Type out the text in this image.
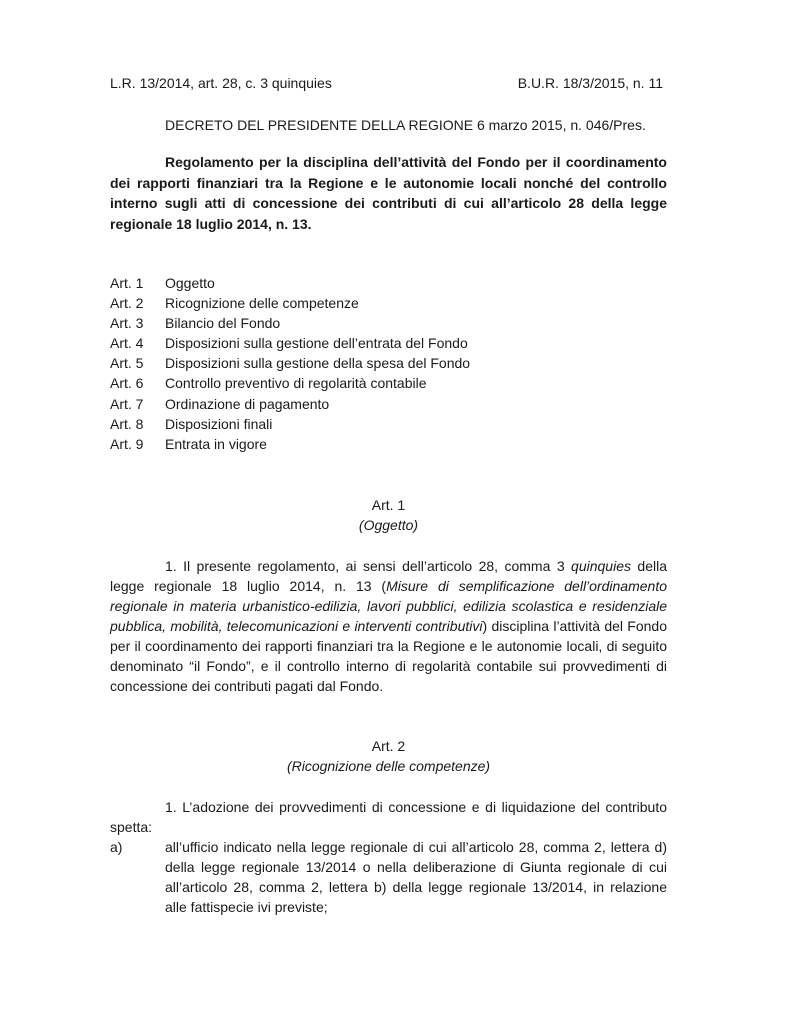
L.R. 13/2014, art. 28, c. 3 quinquies	B.U.R. 18/3/2015, n. 11
DECRETO DEL PRESIDENTE DELLA REGIONE 6 marzo 2015, n. 046/Pres.
Regolamento per la disciplina dell’attività del Fondo per il coordinamento dei rapporti finanziari tra la Regione e le autonomie locali nonché del controllo interno sugli atti di concessione dei contributi di cui all’articolo 28 della legge regionale 18 luglio 2014, n. 13.
Art. 1	Oggetto
Art. 2	Ricognizione delle competenze
Art. 3	Bilancio del Fondo
Art. 4	Disposizioni sulla gestione dell’entrata del Fondo
Art. 5	Disposizioni sulla gestione della spesa del Fondo
Art. 6	Controllo preventivo di regolarità contabile
Art. 7	Ordinazione di pagamento
Art. 8	Disposizioni finali
Art. 9	Entrata in vigore
Art. 1
(Oggetto)

1. Il presente regolamento, ai sensi dell’articolo 28, comma 3 quinquies della legge regionale 18 luglio 2014, n. 13 (Misure di semplificazione dell’ordinamento regionale in materia urbanistico-edilizia, lavori pubblici, edilizia scolastica e residenziale pubblica, mobilità, telecomunicazioni e interventi contributivi) disciplina l’attività del Fondo per il coordinamento dei rapporti finanziari tra la Regione e le autonomie locali, di seguito denominato “il Fondo”, e il controllo interno di regolarità contabile sui provvedimenti di concessione dei contributi pagati dal Fondo.

Art. 2
(Ricognizione delle competenze)

1. L’adozione dei provvedimenti di concessione e di liquidazione del contributo spetta:

a)	all’ufficio indicato nella legge regionale di cui all’articolo 28, comma 2, lettera d) della legge regionale 13/2014 o nella deliberazione di Giunta regionale di cui all’articolo 28, comma 2, lettera b) della legge regionale 13/2014, in relazione alle fattispecie ivi previste;
